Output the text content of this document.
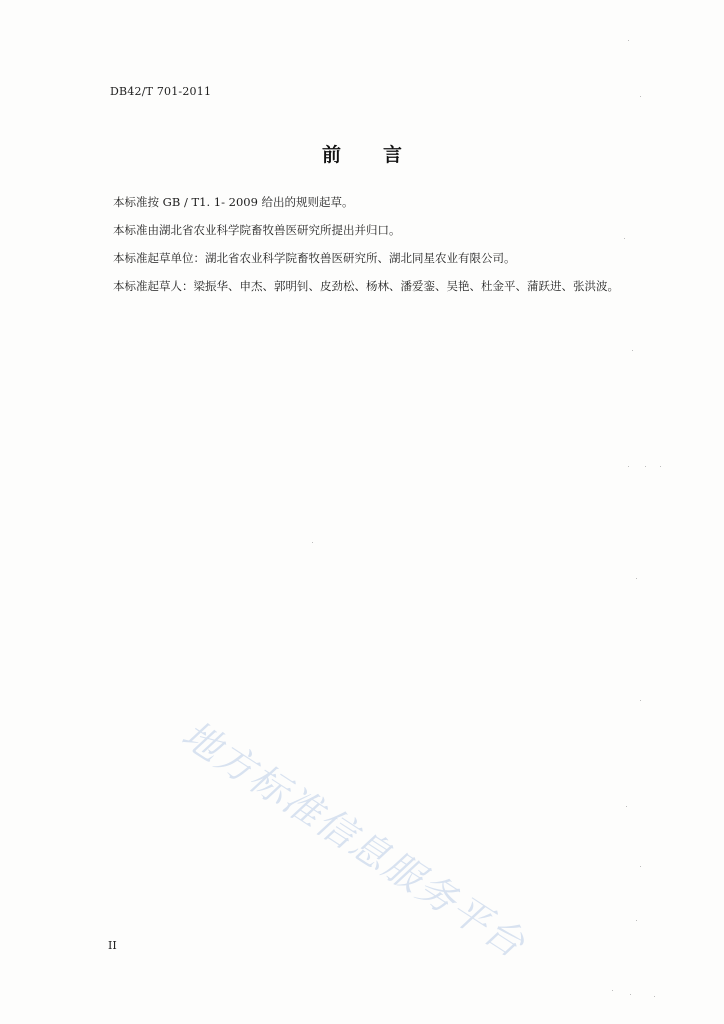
DB42/T 701-2011
前 言
本标准按 GB / T1. 1- 2009 给出的规则起草。
本标准由湖北省农业科学院畜牧兽医研究所提出并归口。
本标准起草单位：湖北省农业科学院畜牧兽医研究所、湖北同星农业有限公司。
本标准起草人：梁振华、申杰、郭明钊、皮劲松、杨林、潘爱銮、吴艳、杜金平、蒲跃进、张洪波。
地方标准信息服务平台
II
